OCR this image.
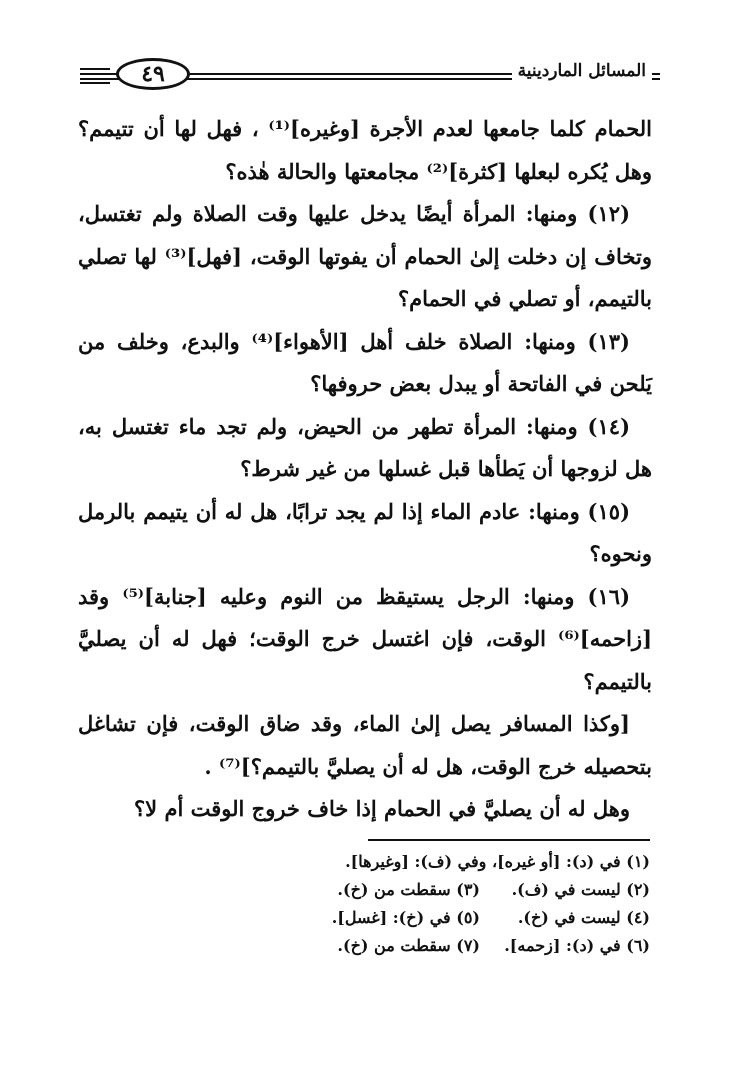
٤٩	المسائل الماردينية

الحمام كلما جامعها لعدم الأجرة [وغيره]⁽¹⁾ ، فهل لها أن تتيمم؟ وهل يُكره لبعلها [كثرة]⁽²⁾ مجامعتها والحالة هٰذه؟

(١٢) ومنها: المرأة أيضًا يدخل عليها وقت الصلاة ولم تغتسل، وتخاف إن دخلت إلىٰ الحمام أن يفوتها الوقت، [فهل]⁽³⁾ لها تصلي بالتيمم، أو تصلي في الحمام؟

(١٣) ومنها: الصلاة خلف أهل [الأهواء]⁽⁴⁾ والبدع، وخلف من يَلحن في الفاتحة أو يبدل بعض حروفها؟

(١٤) ومنها: المرأة تطهر من الحيض، ولم تجد ماء تغتسل به، هل لزوجها أن يَطأها قبل غسلها من غير شرط؟

(١٥) ومنها: عادم الماء إذا لم يجد ترابًا، هل له أن يتيمم بالرمل ونحوه؟

(١٦) ومنها: الرجل يستيقظ من النوم وعليه [جنابة]⁽⁵⁾ وقد [زاحمه]⁽⁶⁾ الوقت، فإن اغتسل خرج الوقت؛ فهل له أن يصليَّ بالتيمم؟

[وكذا المسافر يصل إلىٰ الماء، وقد ضاق الوقت، فإن تشاغل بتحصيله خرج الوقت، هل له أن يصليَّ بالتيمم؟]⁽⁷⁾ .

وهل له أن يصليَّ في الحمام إذا خاف خروج الوقت أم لا؟

(١) في (د): [أو غيره]، وفي (ف): [وغيرها].
(٢) ليست في (ف).
(٣) سقطت من (خ).
(٤) ليست في (خ).
(٥) في (خ): [غسل].
(٦) في (د): [زحمه].
(٧) سقطت من (خ).
